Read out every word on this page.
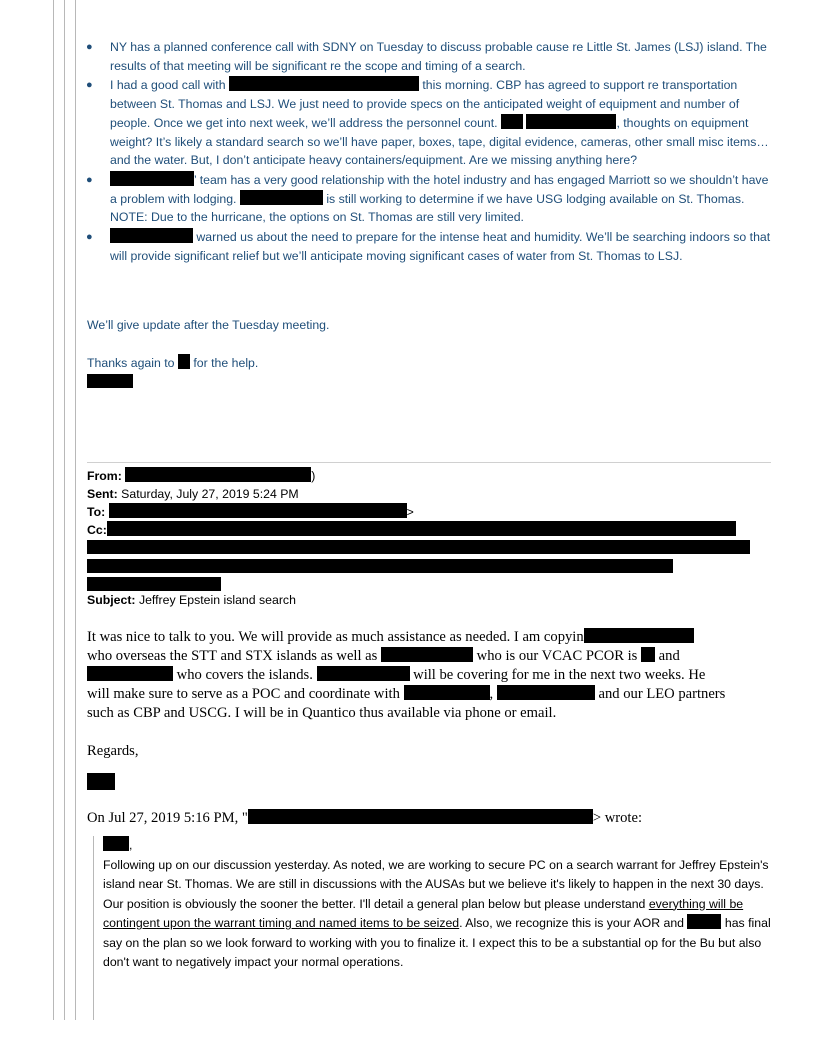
● NY has a planned conference call with SDNY on Tuesday to discuss probable cause re Little St. James (LSJ) island. The results of that meeting will be significant re the scope and timing of a search.
● I had a good call with	this morning. CBP has agreed to support re transportation between St. Thomas and LSJ. We just need to provide specs on the anticipated weight of equipment and number of people. Once we get into next week, we’ll address the personnel count.	, thoughts on equipment weight? It’s likely a standard search so we’ll have paper, boxes, tape, digital evidence, cameras, other small misc items…and the water. But, I don’t anticipate heavy containers/equipment. Are we missing anything here?
●	’ team has a very good relationship with the hotel industry and has engaged Marriott so we shouldn’t have a problem with lodging.	is still working to determine if we have USG lodging available on St. Thomas. NOTE: Due to the hurricane, the options on St. Thomas are still very limited.
●	warned us about the need to prepare for the intense heat and humidity. We’ll be searching indoors so that will provide significant relief but we’ll anticipate moving significant cases of water from St. Thomas to LSJ.
We’ll give update after the Tuesday meeting.
Thanks again to for the help.
From:	)
Sent: Saturday, July 27, 2019 5:24 PM
To:	>
Cc:
Subject: Jeffrey Epstein island search
It was nice to talk to you. We will provide as much assistance as needed. I am copyin
who overseas the STT and STX islands as well as	who is our VCAC PCOR is and
who covers the islands.	will be covering for me in the next two weeks. He
will make sure to serve as a POC and coordinate with	,	and our LEO partners
such as CBP and USCG. I will be in Quantico thus available via phone or email.
Regards,
On Jul 27, 2019 5:16 PM, "	> wrote:
,
Following up on our discussion yesterday. As noted, we are working to secure PC on a search warrant for Jeffrey Epstein's island near St. Thomas. We are still in discussions with the AUSAs but we believe it's likely to happen in the next 30 days. Our position is obviously the sooner the better. I'll detail a general plan below but please understand everything will be contingent upon the warrant timing and named items to be seized. Also, we recognize this is your AOR and	has final say on the plan so we look forward to working with you to finalize it. I expect this to be a substantial op for the Bu but also don't want to negatively impact your normal operations.
